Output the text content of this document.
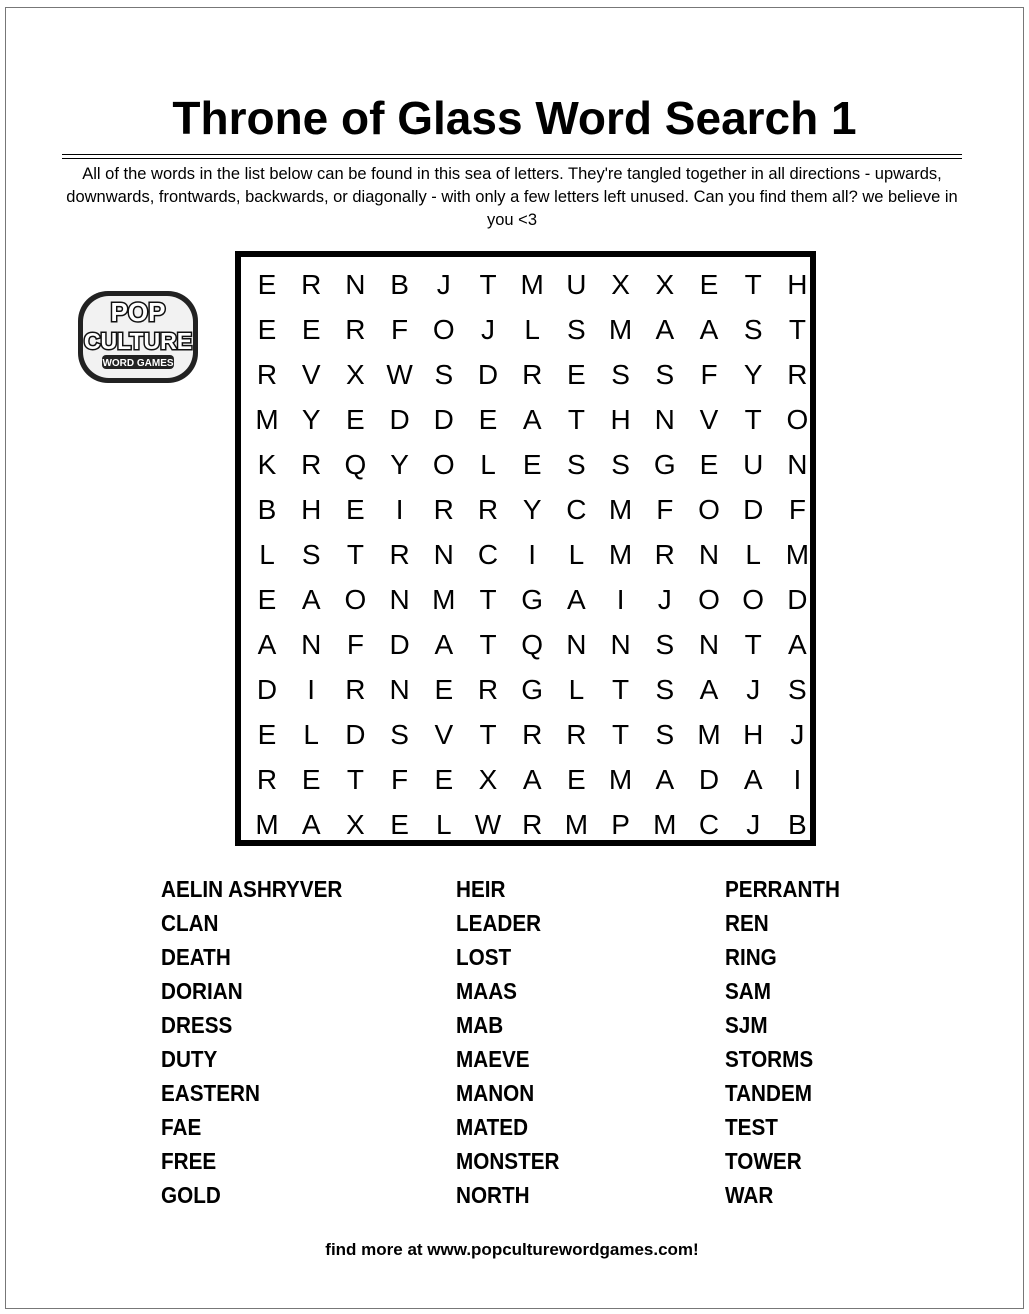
Throne of Glass Word Search 1
All of the words in the list below can be found in this sea of letters. They're tangled together in all directions - upwards, downwards, frontwards, backwards, or diagonally - with only a few letters left unused. Can you find them all? we believe in you <3
POP
CULTURE
WORD GAMES
E R N B J	T M U X X E T H
E E R F O J	L S M A A S T
R V X W S D R E S S F Y R
M Y E D D E A T H N V T O
K R Q Y O L E S S G E U N
B H E	I	R R Y C M F O D F
L S T R N C	I	L M R N L M
E A O N M T G A	I	J O O D
A N F D A T Q N N S N T A
D	I	R N E R G L T S A J S
E L D S V T R R T S M H J
R E T F E X A E M A D A	I
M A X E L W R M P M C J B
AELIN ASHRYVER
CLAN
DEATH
DORIAN
DRESS
DUTY
EASTERN
FAE
FREE
GOLD
HEIR
LEADER
LOST
MAAS
MAB
MAEVE
MANON
MATED
MONSTER
NORTH
PERRANTH
REN
RING
SAM
SJM
STORMS
TANDEM
TEST
TOWER
WAR
find more at www.popculturewordgames.com!
